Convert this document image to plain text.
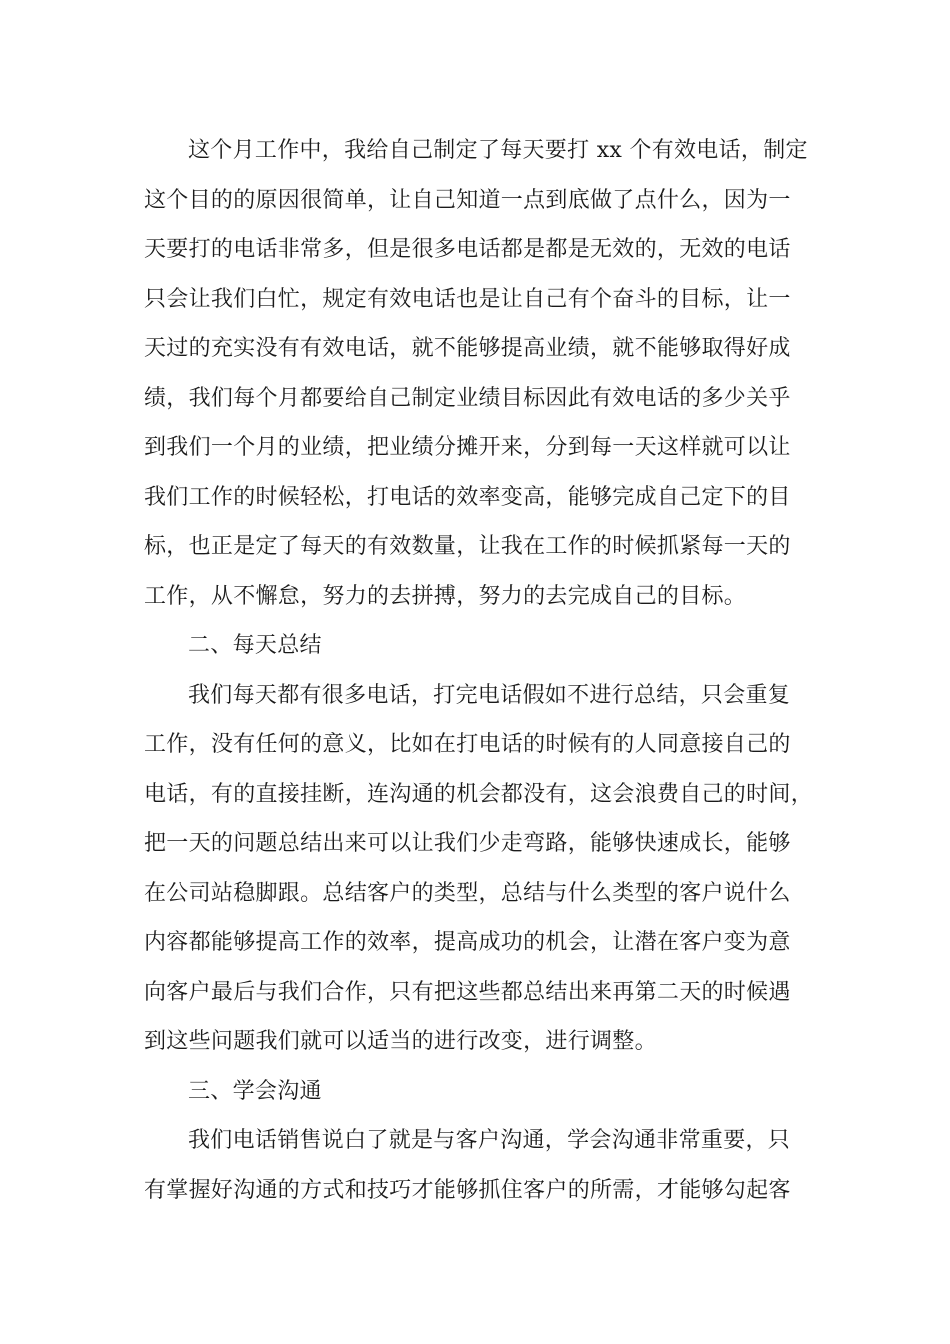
这个月工作中，我给自己制定了每天要打 xx 个有效电话，制定
这个目的的原因很简单，让自己知道一点到底做了点什么，因为一
天要打的电话非常多，但是很多电话都是都是无效的，无效的电话
只会让我们白忙，规定有效电话也是让自己有个奋斗的目标，让一
天过的充实没有有效电话，就不能够提高业绩，就不能够取得好成
绩，我们每个月都要给自己制定业绩目标因此有效电话的多少关乎
到我们一个月的业绩，把业绩分摊开来，分到每一天这样就可以让
我们工作的时候轻松，打电话的效率变高，能够完成自己定下的目
标，也正是定了每天的有效数量，让我在工作的时候抓紧每一天的
工作，从不懈怠，努力的去拼搏，努力的去完成自己的目标。
二、每天总结
我们每天都有很多电话，打完电话假如不进行总结，只会重复
工作，没有任何的意义，比如在打电话的时候有的人同意接自己的
电话，有的直接挂断，连沟通的机会都没有，这会浪费自己的时间，
把一天的问题总结出来可以让我们少走弯路，能够快速成长，能够
在公司站稳脚跟。总结客户的类型，总结与什么类型的客户说什么
内容都能够提高工作的效率，提高成功的机会，让潜在客户变为意
向客户最后与我们合作，只有把这些都总结出来再第二天的时候遇
到这些问题我们就可以适当的进行改变，进行调整。
三、学会沟通
我们电话销售说白了就是与客户沟通，学会沟通非常重要，只
有掌握好沟通的方式和技巧才能够抓住客户的所需，才能够勾起客
